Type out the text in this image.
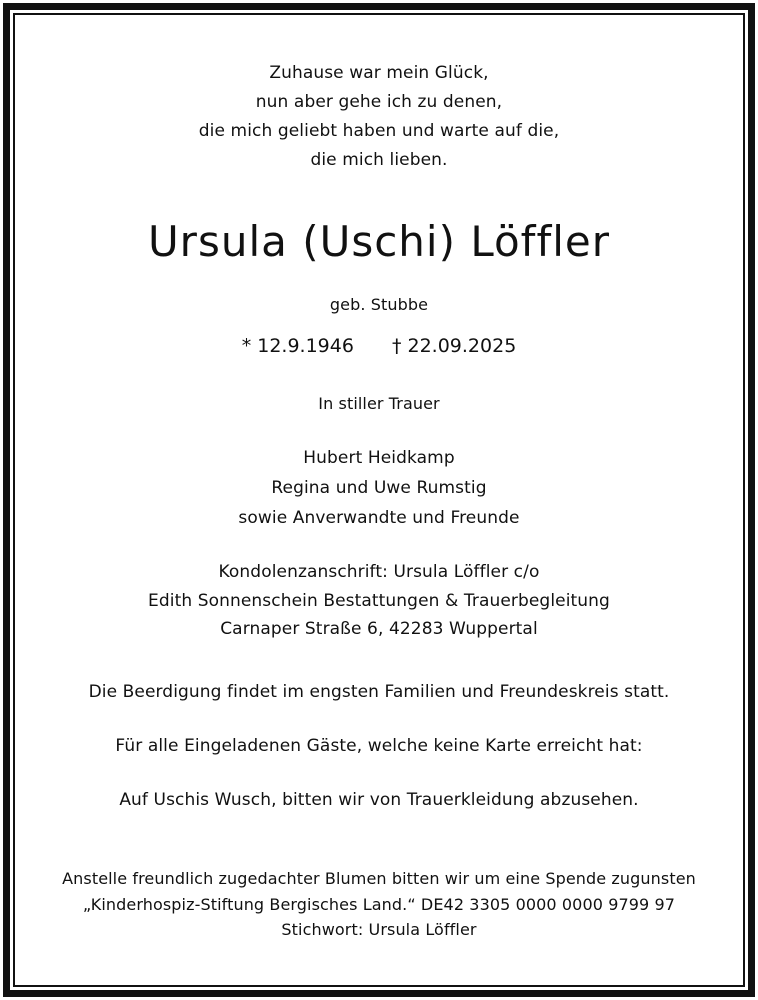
Zuhause war mein Glück,
nun aber gehe ich zu denen,
die mich geliebt haben und warte auf die,
die mich lieben.
Ursula (Uschi) Löffler
geb. Stubbe
* 12.9.1946 † 22.09.2025
In stiller Trauer
Hubert Heidkamp
Regina und Uwe Rumstig
sowie Anverwandte und Freunde
Kondolenzanschrift: Ursula Löffler c/o
Edith Sonnenschein Bestattungen & Trauerbegleitung
Carnaper Straße 6, 42283 Wuppertal
Die Beerdigung findet im engsten Familien und Freundeskreis statt.
Für alle Eingeladenen Gäste, welche keine Karte erreicht hat:
Auf Uschis Wusch, bitten wir von Trauerkleidung abzusehen.
Anstelle freundlich zugedachter Blumen bitten wir um eine Spende zugunsten
„Kinderhospiz-Stiftung Bergisches Land.“ DE42 3305 0000 0000 9799 97
Stichwort: Ursula Löffler
